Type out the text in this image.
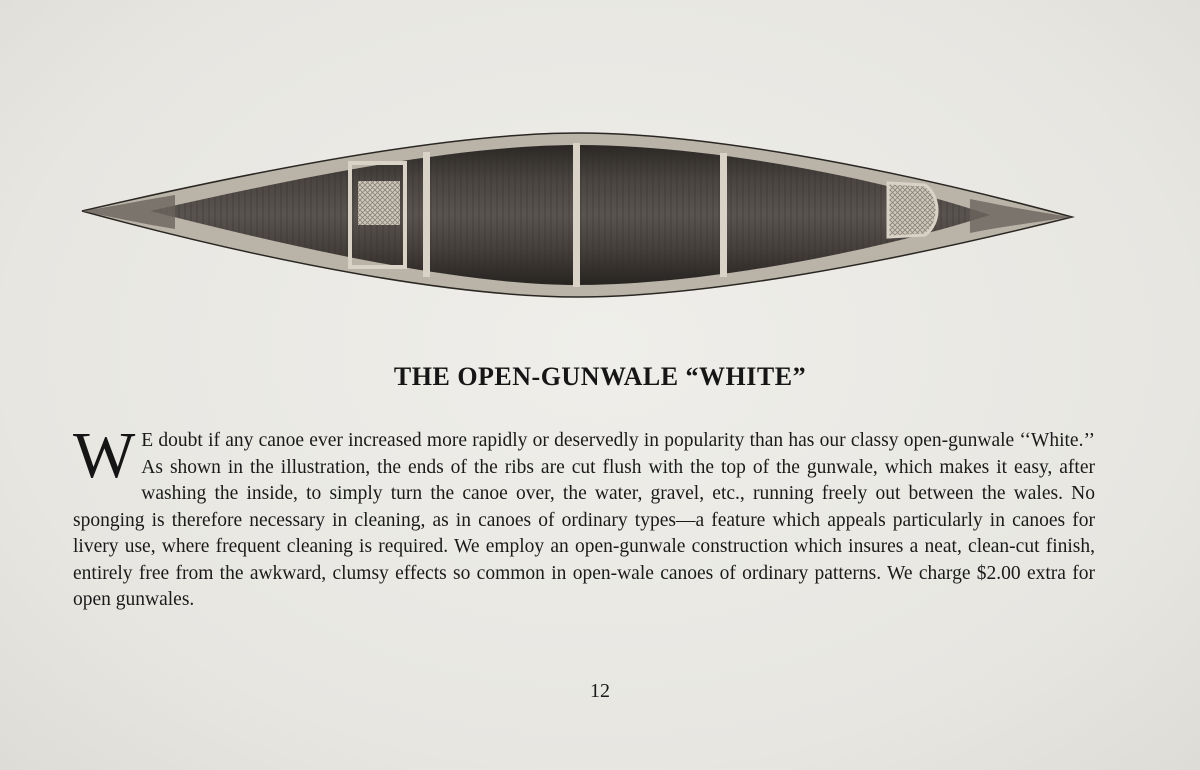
THE OPEN-GUNWALE “WHITE”
W E doubt if any canoe ever increased more rapidly or deservedly in popularity than has our classy open-gunwale ‘‘White.’’ As shown in the illustration, the ends of the ribs are cut flush with the top of the gunwale, which makes it easy, after washing the inside, to simply turn the canoe over, the water, gravel, etc., running freely out between the wales. No sponging is therefore necessary in cleaning, as in canoes of ordinary types—a feature which appeals particularly in canoes for livery use, where frequent cleaning is required. We employ an open-gunwale construction which insures a neat, clean-cut finish, entirely free from the awkward, clumsy effects so common in open-wale canoes of ordinary patterns. We charge $2.00 extra for open gunwales.
12
